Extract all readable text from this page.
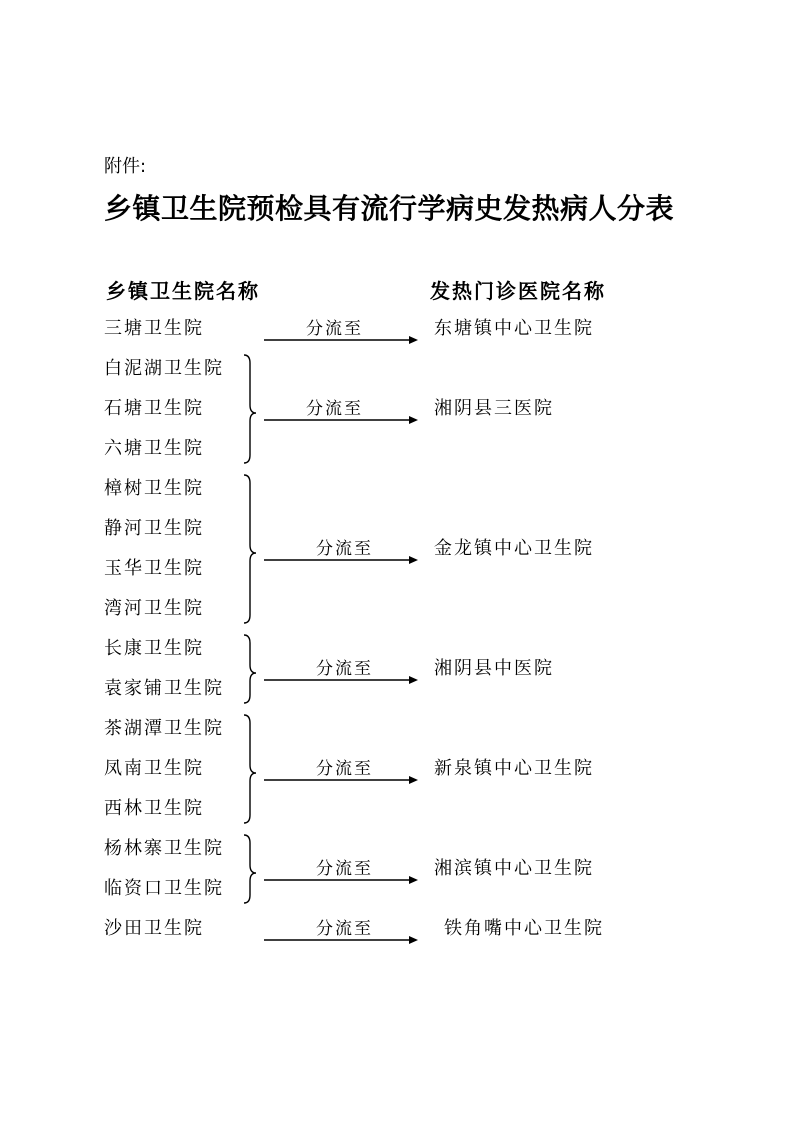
附件:
乡镇卫生院预检具有流行学病史发热病人分表
乡镇卫生院名称	发热门诊医院名称
三塘卫生院	分流至	东塘镇中心卫生院
白泥湖卫生院
石塘卫生院
六塘卫生院
分流至	湘阴县三医院
樟树卫生院
静河卫生院
玉华卫生院
湾河卫生院
分流至	金龙镇中心卫生院
长康卫生院
袁家铺卫生院
分流至	湘阴县中医院
茶湖潭卫生院
凤南卫生院
西林卫生院
分流至	新泉镇中心卫生院
杨林寨卫生院
临资口卫生院
分流至	湘滨镇中心卫生院
沙田卫生院	分流至	铁角嘴中心卫生院
